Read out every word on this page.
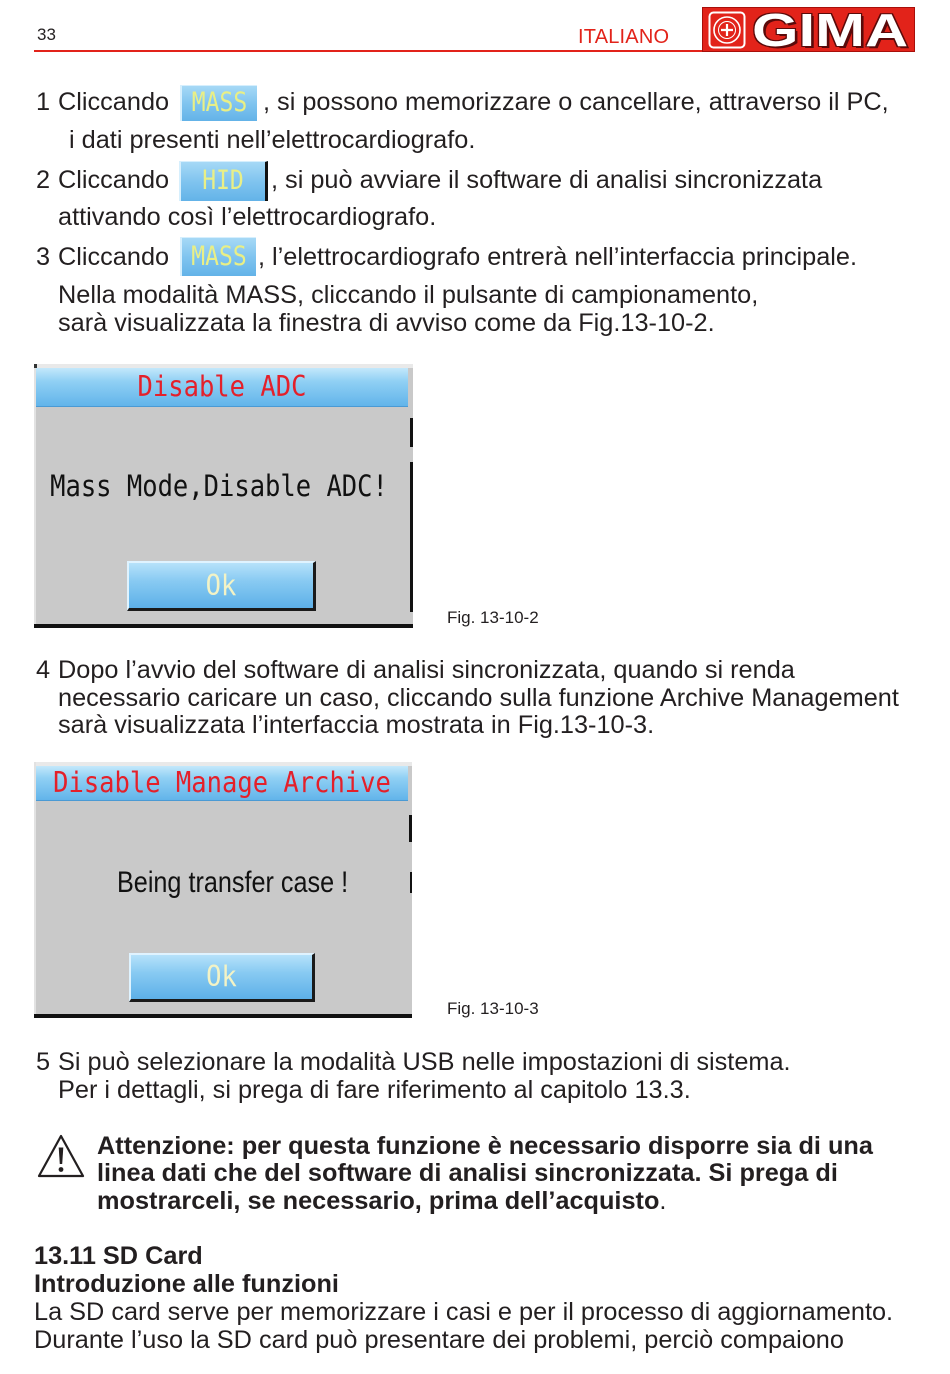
33	ITALIANO GIMA
1 Cliccando MASS , si possono memorizzare o cancellare, attraverso il PC,
i dati presenti nell’elettrocardiografo.
2 Cliccando HID , si può avviare il software di analisi sincronizzata
attivando così l’elettrocardiografo.
3 Cliccando MASS , l’elettrocardiografo entrerà nell’interfaccia principale.
Nella modalità MASS, cliccando il pulsante di campionamento,
sarà visualizzata la finestra di avviso come da Fig.13-10-2.
Disable ADC
Mass Mode,Disable ADC!
Ok
Fig. 13-10-2
4 Dopo l’avvio del software di analisi sincronizzata, quando si renda
necessario caricare un caso, cliccando sulla funzione Archive Management
sarà visualizzata l’interfaccia mostrata in Fig.13-10-3.
Disable Manage Archive
Being transfer case !
Ok
Fig. 13-10-3
5 Si può selezionare la modalità USB nelle impostazioni di sistema.
Per i dettagli, si prega di fare riferimento al capitolo 13.3.
Attenzione: per questa funzione è necessario disporre sia di una
linea dati che del software di analisi sincronizzata. Si prega di
mostrarceli, se necessario, prima dell’acquisto.
13.11 SD Card
Introduzione alle funzioni
La SD card serve per memorizzare i casi e per il processo di aggiornamento.
Durante l’uso la SD card può presentare dei problemi, perciò compaiono
